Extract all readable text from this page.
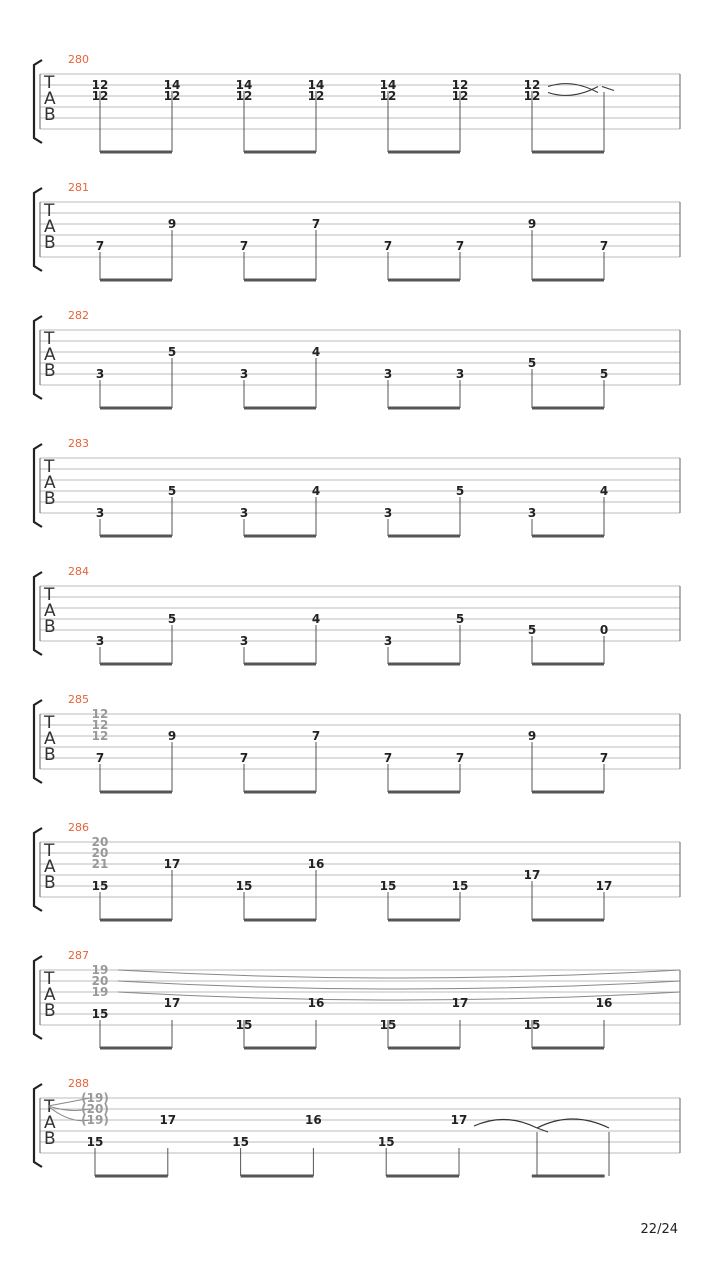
280
T
A
B
12
12
14
12
14
12
14
12
14
12
12
12
12
12
281
T
A
B	7
9
7
7
7	7
9
7
282
T
A
B	3
5
3
4
3	3
5
5
283
T
A
B
3
5
3
4
3
5
3
4
284
T
A
B
3
5
3
4
3
5
5	0
285
T
A
B
12
12
12
7
9
7
7
7	7
9
7
286
T
A
B
20
20
21
15
17
15
16
15	15
17
17
287
T
A
B
19
20
19
15
17
15
16
15
17
15
16
288
T
A
B
(19)
(20)
(19)
15
17
15
16
15
17
22/24
